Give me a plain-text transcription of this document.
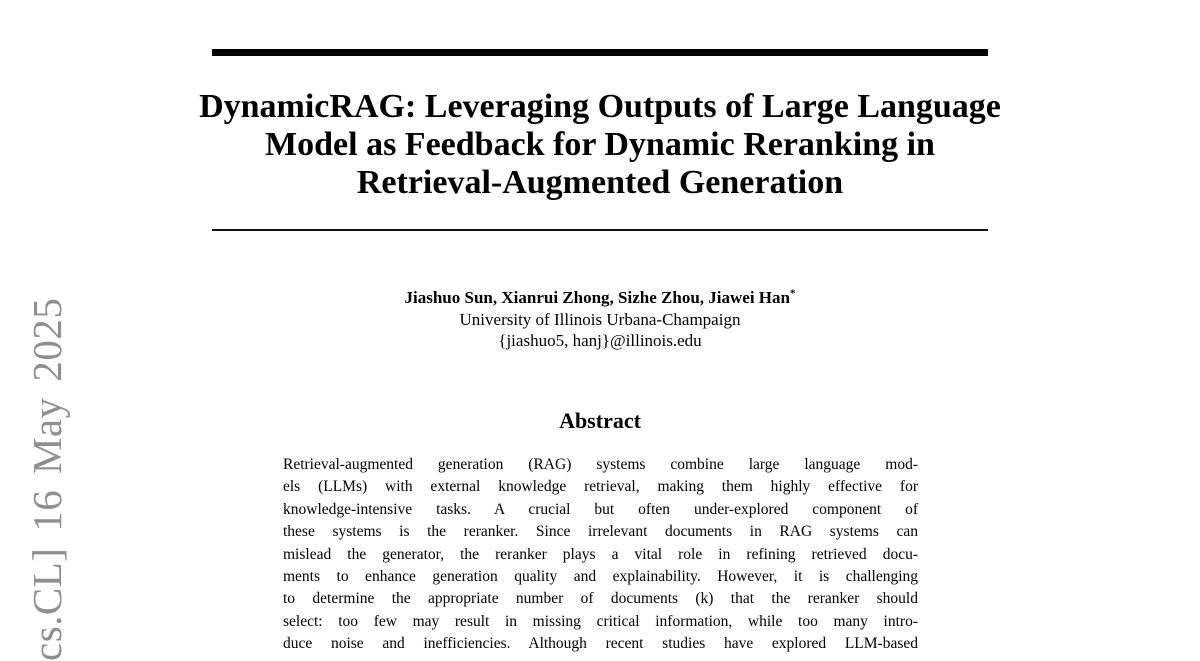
cs.CL] 16 May 2025
DynamicRAG: Leveraging Outputs of Large Language
Model as Feedback for Dynamic Reranking in
Retrieval-Augmented Generation
Jiashuo Sun, Xianrui Zhong, Sizhe Zhou, Jiawei Han*
University of Illinois Urbana-Champaign
{jiashuo5, hanj}@illinois.edu
Abstract
Retrieval-augmented generation (RAG) systems combine large language mod-
els (LLMs) with external knowledge retrieval, making them highly effective for
knowledge-intensive tasks. A crucial but often under-explored component of
these systems is the reranker. Since irrelevant documents in RAG systems can
mislead the generator, the reranker plays a vital role in refining retrieved docu-
ments to enhance generation quality and explainability. However, it is challenging
to determine the appropriate number of documents (k) that the reranker should
select: too few may result in missing critical information, while too many intro-
duce noise and inefficiencies. Although recent studies have explored LLM-based
